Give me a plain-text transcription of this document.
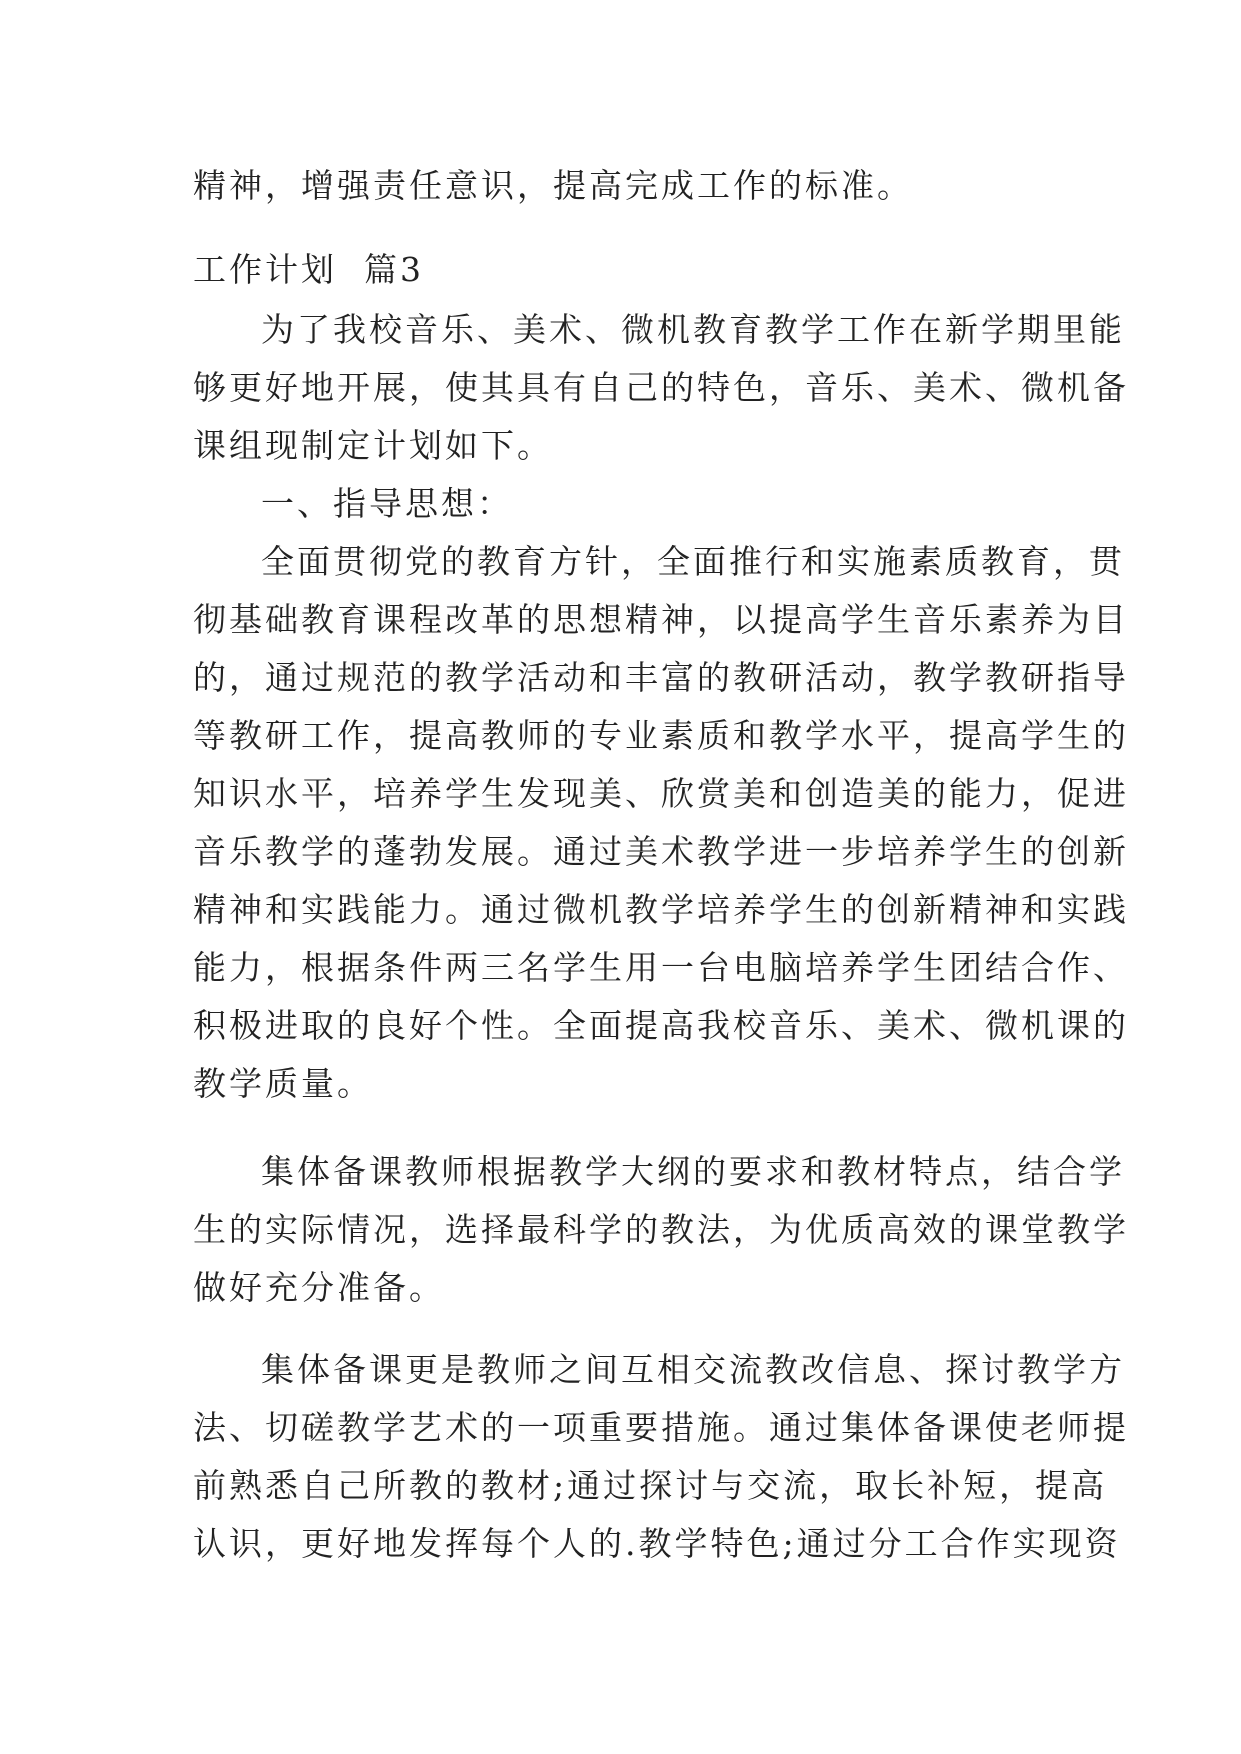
精神，增强责任意识，提高完成工作的标准。
工作计划  篇3
为了我校音乐、美术、微机教育教学工作在新学期里能
够更好地开展，使其具有自己的特色，音乐、美术、微机备
课组现制定计划如下。
一、指导思想：
全面贯彻党的教育方针，全面推行和实施素质教育，贯
彻基础教育课程改革的思想精神，以提高学生音乐素养为目
的，通过规范的教学活动和丰富的教研活动，教学教研指导
等教研工作，提高教师的专业素质和教学水平，提高学生的
知识水平，培养学生发现美、欣赏美和创造美的能力，促进
音乐教学的蓬勃发展。通过美术教学进一步培养学生的创新
精神和实践能力。通过微机教学培养学生的创新精神和实践
能力，根据条件两三名学生用一台电脑培养学生团结合作、
积极进取的良好个性。全面提高我校音乐、美术、微机课的
教学质量。
集体备课教师根据教学大纲的要求和教材特点，结合学
生的实际情况，选择最科学的教法，为优质高效的课堂教学
做好充分准备。
集体备课更是教师之间互相交流教改信息、探讨教学方
法、切磋教学艺术的一项重要措施。通过集体备课使老师提
前熟悉自己所教的教材;通过探讨与交流，取长补短，提高
认识，更好地发挥每个人的.教学特色;通过分工合作实现资
